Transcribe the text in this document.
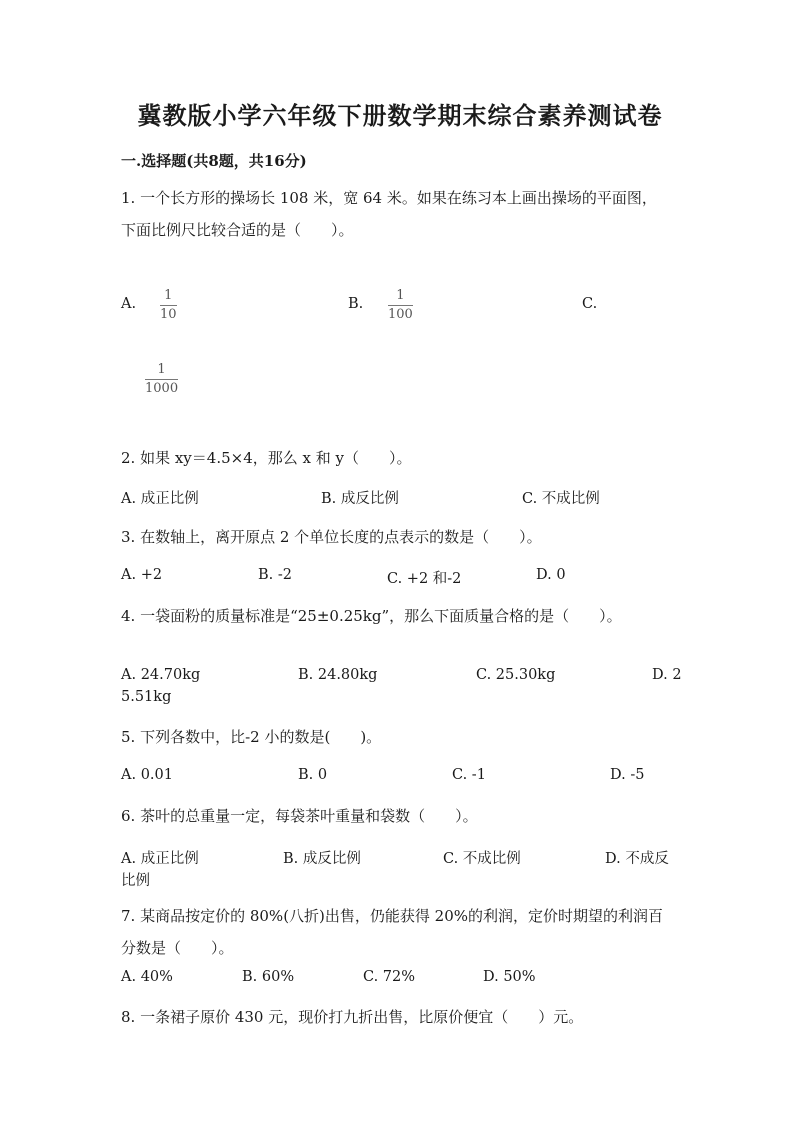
冀教版小学六年级下册数学期末综合素养测试卷
一.选择题(共8题，共16分)
1. 一个长方形的操场长 108 米，宽 64 米。如果在练习本上画出操场的平面图，
下面比例尺比较合适的是（　　）。
A.
1
10
B.
1
100
C.
1
1000
2. 如果 xy＝4.5×4，那么 x 和 y（　　）。
A. 成正比例	B. 成反比例	C. 不成比例
3. 在数轴上，离开原点 2 个单位长度的点表示的数是（　　）。
A. +2	B. -2	C. +2 和-2	D. 0
4. 一袋面粉的质量标准是“25±0.25kg”，那么下面质量合格的是（　　）。
A. 24.70kg	B. 24.80kg	C. 25.30kg	D. 2
5.51kg
5. 下列各数中，比-2 小的数是(　　)。
A. 0.01	B. 0	C. -1	D. -5
6. 茶叶的总重量一定，每袋茶叶重量和袋数（　　）。
A. 成正比例	B. 成反比例	C. 不成比例	D. 不成反
比例
7. 某商品按定价的 80%(八折)出售，仍能获得 20%的利润，定价时期望的利润百
分数是（　　）。
A. 40%	B. 60%	C. 72%	D. 50%
8. 一条裙子原价 430 元，现价打九折出售，比原价便宜（　　）元。
